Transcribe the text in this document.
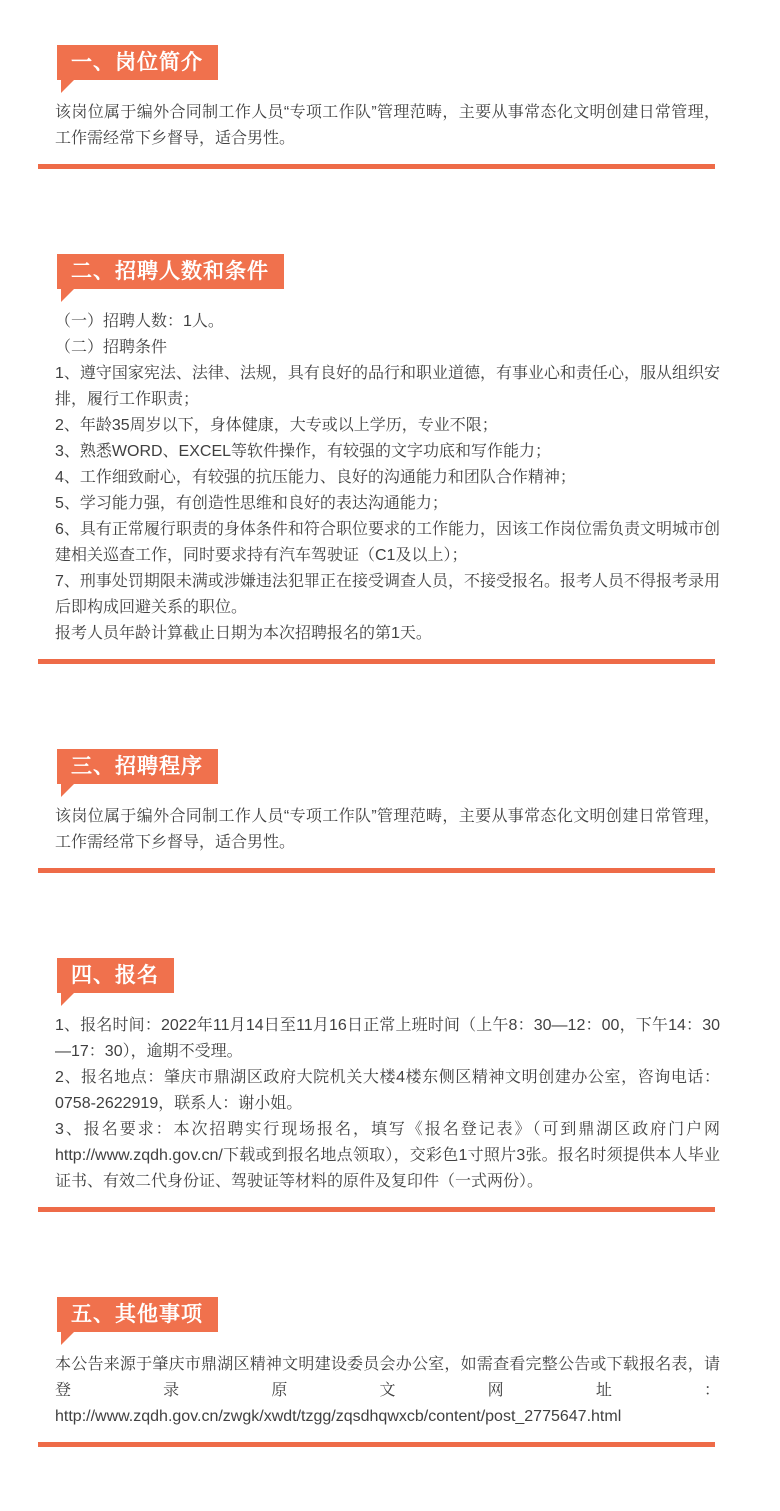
一、岗位简介

该岗位属于编外合同制工作人员“专项工作队”管理范畴，主要从事常态化文明创建日常管理，工作需经常下乡督导，适合男性。

二、招聘人数和条件

（一）招聘人数：1人。

（二）招聘条件

1、遵守国家宪法、法律、法规，具有良好的品行和职业道德，有事业心和责任心，服从组织安排，履行工作职责；

2、年龄35周岁以下，身体健康，大专或以上学历，专业不限；

3、熟悉WORD、EXCEL等软件操作，有较强的文字功底和写作能力；

4、工作细致耐心，有较强的抗压能力、良好的沟通能力和团队合作精神；

5、学习能力强，有创造性思维和良好的表达沟通能力；

6、具有正常履行职责的身体条件和符合职位要求的工作能力，因该工作岗位需负责文明城市创建相关巡查工作，同时要求持有汽车驾驶证（C1及以上）；

7、刑事处罚期限未满或涉嫌违法犯罪正在接受调查人员，不接受报名。报考人员不得报考录用后即构成回避关系的职位。

报考人员年龄计算截止日期为本次招聘报名的第1天。

三、招聘程序

该岗位属于编外合同制工作人员“专项工作队”管理范畴，主要从事常态化文明创建日常管理，工作需经常下乡督导，适合男性。

四、报名

1、报名时间：2022年11月14日至11月16日正常上班时间（上午8：30—12：00，下午14：30—17：30），逾期不受理。

2、报名地点：肇庆市鼎湖区政府大院机关大楼4楼东侧区精神文明创建办公室，咨询电话：0758-2622919，联系人：谢小姐。

3、报名要求：本次招聘实行现场报名，填写《报名登记表》（可到鼎湖区政府门户网http://www.zqdh.gov.cn/下载或到报名地点领取），交彩色1寸照片3张。报名时须提供本人毕业证书、有效二代身份证、驾驶证等材料的原件及复印件（一式两份）。

五、其他事项

本公告来源于肇庆市鼎湖区精神文明建设委员会办公室，如需查看完整公告或下载报名表，请登录原文网址：http://www.zqdh.gov.cn/zwgk/xwdt/tzgg/zqsdhqwxcb/content/post_2775647.html
